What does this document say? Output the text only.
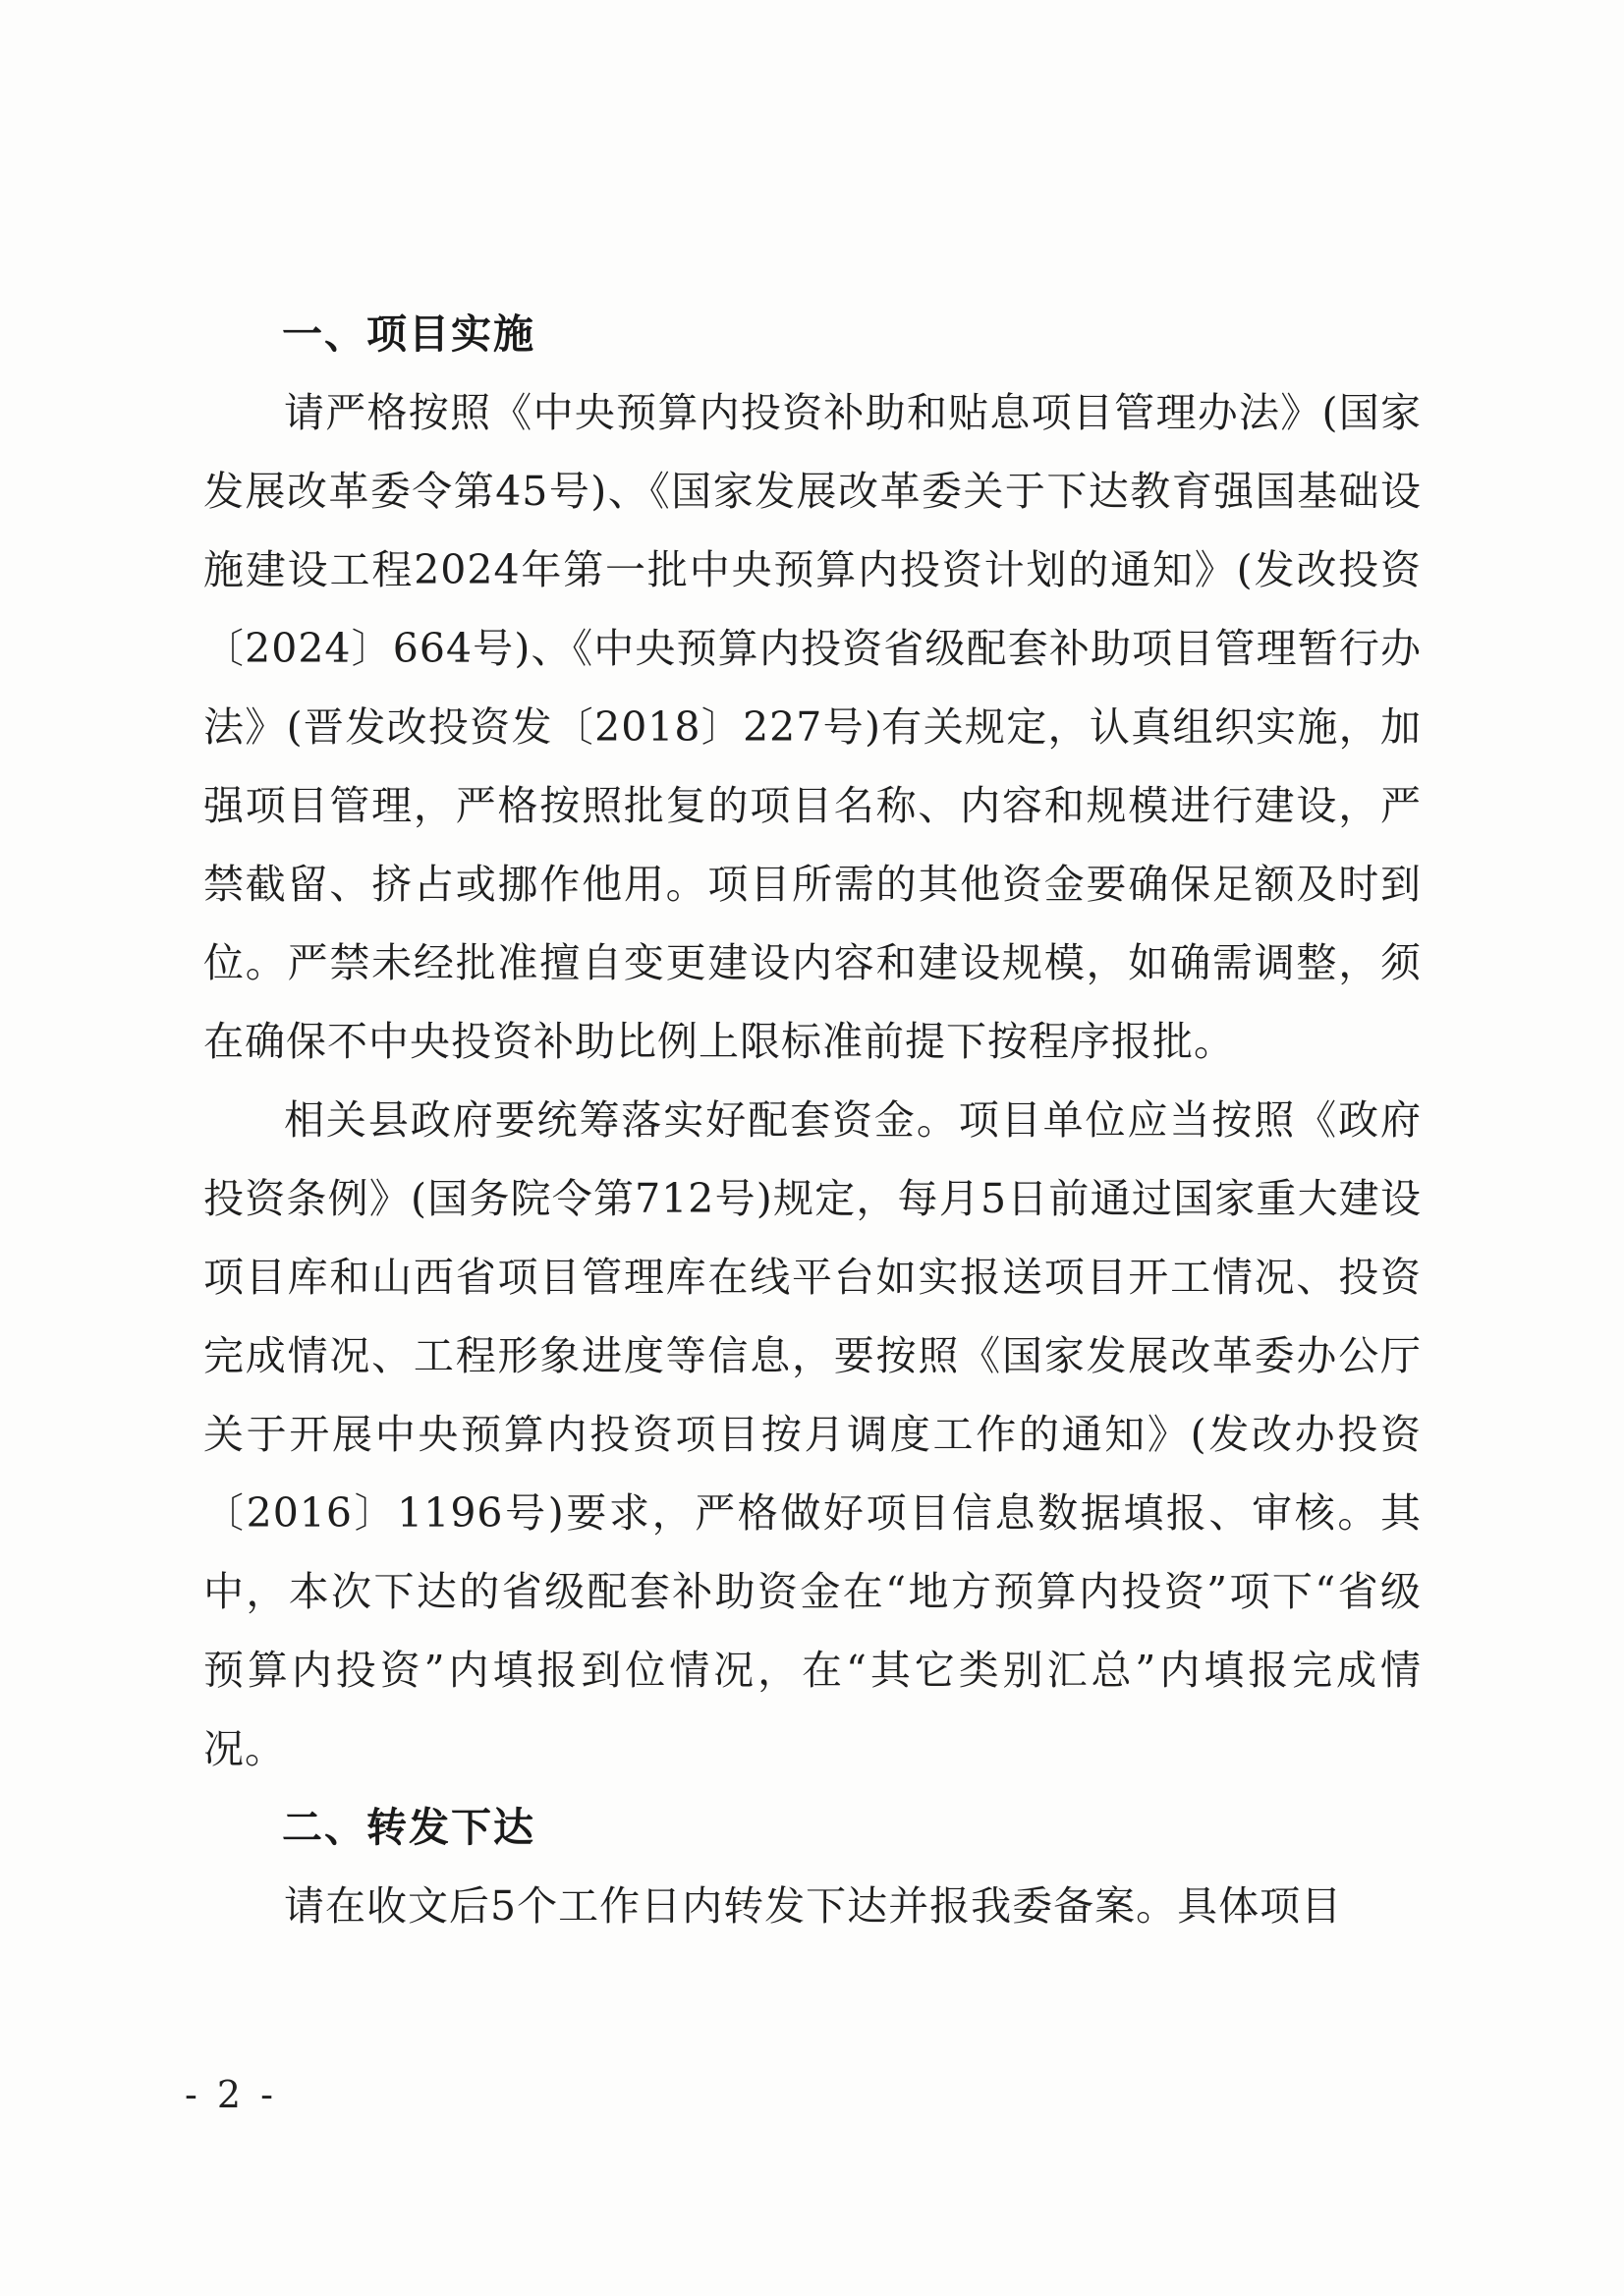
一、项目实施

请严格按照《中央预算内投资补助和贴息项目管理办法》(国家发展改革委令第45号)、《国家发展改革委关于下达教育强国基础设施建设工程2024年第一批中央预算内投资计划的通知》(发改投资〔2024〕664号)、《中央预算内投资省级配套补助项目管理暂行办法》(晋发改投资发〔2018〕227号)有关规定，认真组织实施，加强项目管理，严格按照批复的项目名称、内容和规模进行建设，严禁截留、挤占或挪作他用。项目所需的其他资金要确保足额及时到位。严禁未经批准擅自变更建设内容和建设规模，如确需调整，须在确保不中央投资补助比例上限标准前提下按程序报批。

相关县政府要统筹落实好配套资金。项目单位应当按照《政府投资条例》(国务院令第712号)规定，每月5日前通过国家重大建设项目库和山西省项目管理库在线平台如实报送项目开工情况、投资完成情况、工程形象进度等信息，要按照《国家发展改革委办公厅关于开展中央预算内投资项目按月调度工作的通知》(发改办投资〔2016〕1196号)要求，严格做好项目信息数据填报、审核。其中，本次下达的省级配套补助资金在“地方预算内投资”项下“省级预算内投资”内填报到位情况，在“其它类别汇总”内填报完成情况。

二、转发下达

请在收文后5个工作日内转发下达并报我委备案。具体项目

- 2 -
